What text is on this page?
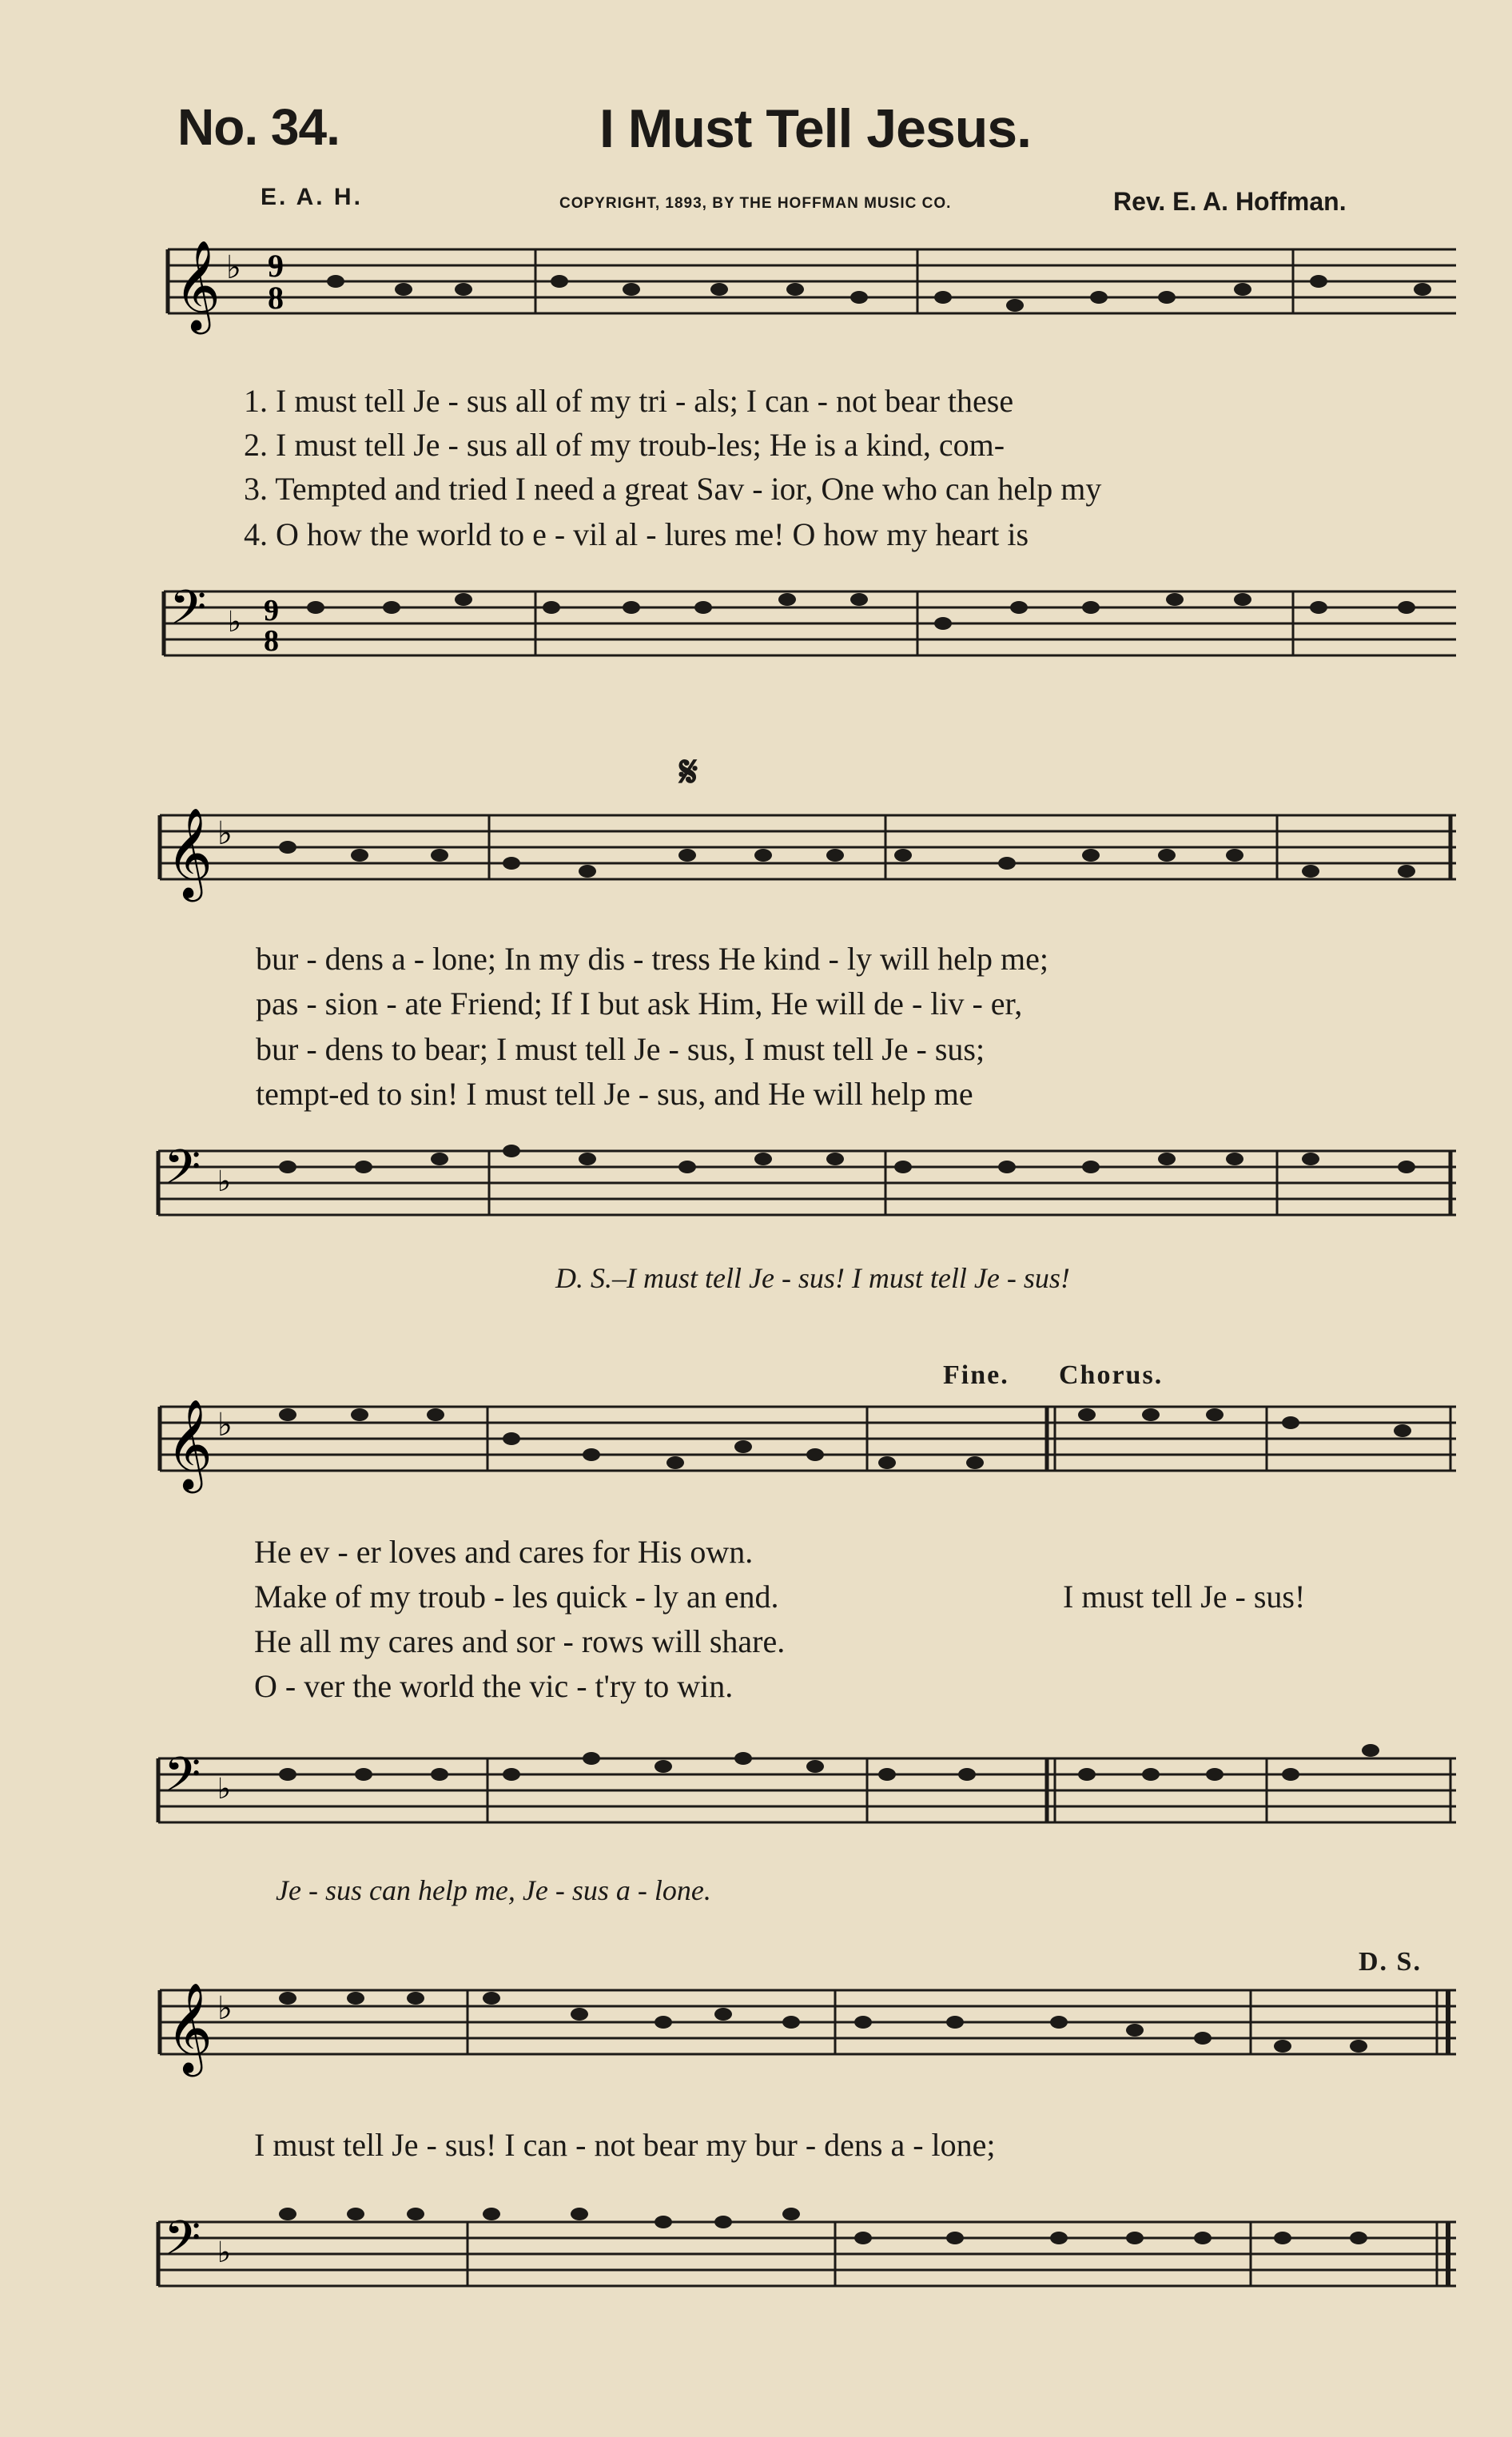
No. 34.	I Must Tell Jesus.
E. A. H.	COPYRIGHT, 1893, BY THE HOFFMAN MUSIC CO.	Rev. E. A. Hoffman.
𝄞 ♭ 9
8
1. I must tell Je - sus all of my tri - als; I can - not bear these
2. I must tell Je - sus all of my troub-les; He is a kind, com-
3. Tempted and tried I need a great Sav - ior, One who can help my
4. O how the world to e - vil al - lures me! O how my heart is
𝄢 ♭ 9
8
𝄋
𝄞 ♭
bur - dens a - lone; In my dis - tress He kind - ly will help me;
pas - sion - ate Friend; If I but ask Him, He will de - liv - er,
bur - dens to bear; I must tell Je - sus, I must tell Je - sus;
tempt-ed to sin! I must tell Je - sus, and He will help me
𝄢 ♭
D. S.–I must tell Je - sus! I must tell Je - sus!
Fine. Chorus.
𝄞 ♭
He ev - er loves and cares for His own.
Make of my troub - les quick - ly an end.
He all my cares and sor - rows will share.
O - ver the world the vic - t'ry to win.
I must tell Je - sus!
𝄢 ♭
Je - sus can help me, Je - sus a - lone.
D. S.
𝄞 ♭
I must tell Je - sus! I can - not bear my bur - dens a - lone;
𝄢 ♭
